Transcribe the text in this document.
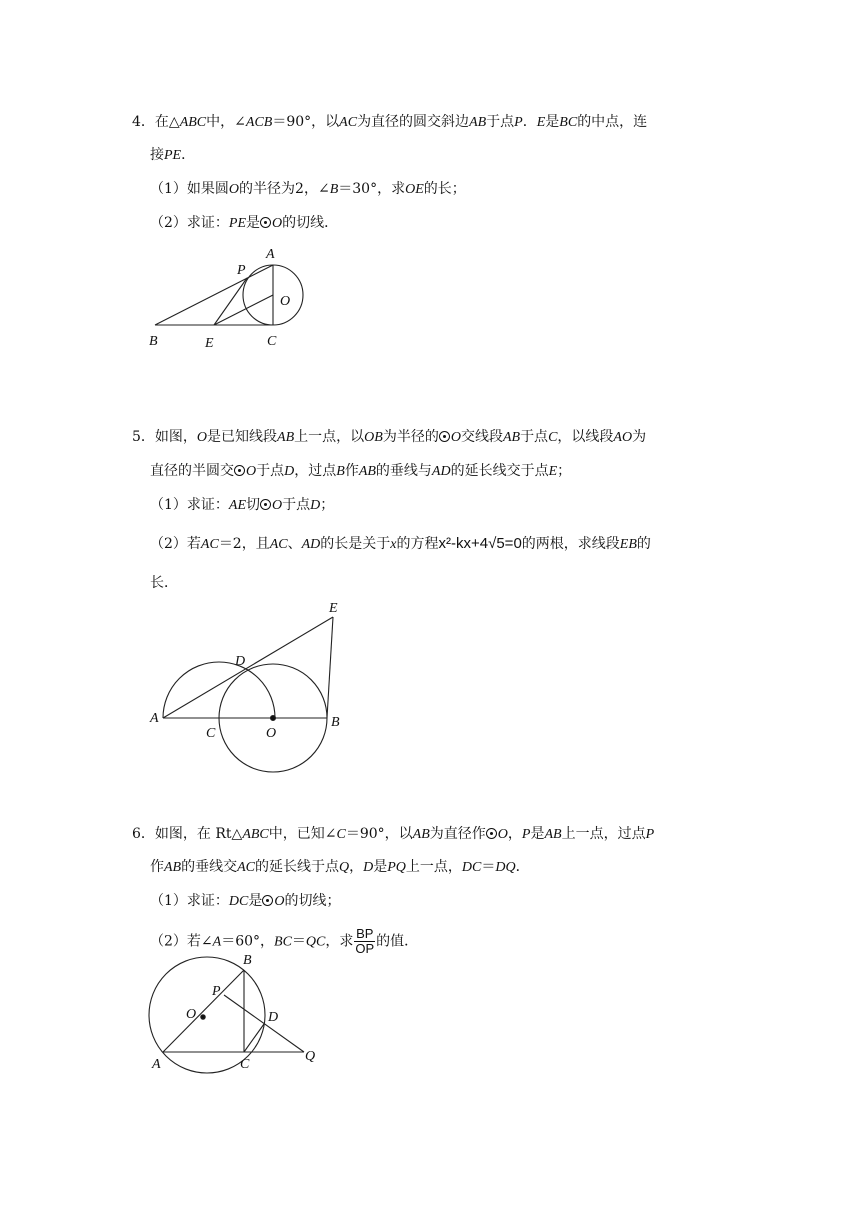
4．在△ABC中，∠ACB＝90°，以AC为直径的圆交斜边AB于点P．E是BC的中点，连
接PE．
（1）如果圆O的半径为2，∠B＝30°，求OE的长；
（2）求证：PE是 O的切线．
A
P
O
B	E	C
5．如图，O是已知线段AB上一点，以OB为半径的 O交线段AB于点C，以线段AO为
直径的半圆交 O于点D，过点B作AB的垂线与AD的延长线交于点E；
（1）求证：AE切 O于点D；
（2）若AC＝2，且AC、AD的长是关于x的方程x²-kx+4√5=0的两根，求线段EB的
长．
E
D
A
C	O
B
6．如图，在 Rt△ABC中，已知∠C＝90°，以AB为直径作 O，P是AB上一点，过点P
作AB的垂线交AC的延长线于点Q，D是PQ上一点，DC＝DQ．
（1）求证：DC是 O的切线；
（2）若∠A＝60°，BC＝QC，求 $\frac{BP}{OP}$ 的值．
B
P
O	D
A	C
Q
